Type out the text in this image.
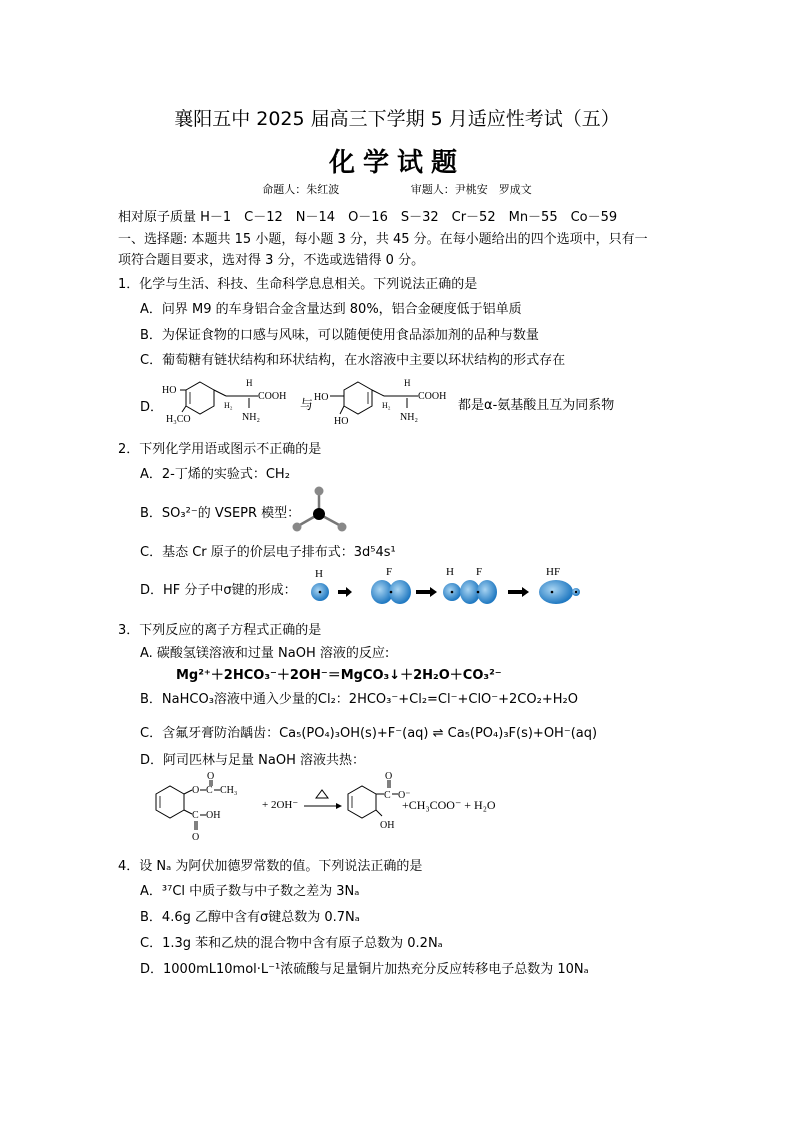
襄阳五中 2025 届高三下学期 5 月适应性考试（五）
化学试题
命题人：朱红波	审题人：尹桃安　罗成文
相对原子质量 H－1　C－12　N－14　O－16　S－32　Cr－52　Mn－55　Co－59
一、选择题: 本题共 15 小题，每小题 3 分，共 45 分。在每小题给出的四个选项中，只有一
项符合题目要求，选对得 3 分，不选或选错得 0 分。
1．化学与生活、科技、生命科学息息相关。下列说法正确的是
A．问界 M9 的车身铝合金含量达到 80%，铝合金硬度低于铝单质
B．为保证食物的口感与风味，可以随便使用食品添加剂的品种与数量
C．葡萄糖有链状结构和环状结构，在水溶液中主要以环状结构的形式存在
D．
HO
H₃CO
H₂
H
COOH
NH₂
与
HO
HO
H₂
H
COOH
NH₂
都是α-氨基酸且互为同系物
2．下列化学用语或图示不正确的是
A．2-丁烯的实验式：CH₂
B．SO₃²⁻的 VSEPR 模型：
C．基态 Cr 原子的价层电子排布式：3d⁵4s¹
D．HF 分子中σ键的形成：
H	F	H F	HF
3．下列反应的离子方程式正确的是
A. 碳酸氢镁溶液和过量 NaOH 溶液的反应:
Mg²⁺＋2HCO₃⁻＋2OH⁻＝MgCO₃↓＋2H₂O＋CO₃²⁻
B．NaHCO₃溶液中通入少量的Cl₂：2HCO₃⁻+Cl₂=Cl⁻+ClO⁻+2CO₂+H₂O
C．含氟牙膏防治龋齿：Ca₅(PO₄)₃OH(s)+F⁻(aq) ⇌ Ca₅(PO₄)₃F(s)+OH⁻(aq)
D．阿司匹林与足量 NaOH 溶液共热：
O C
O
CH₃
C OH
O
+ 2OH⁻
C
O
O⁻
OH
+CH₃COO⁻ + H₂O
4．设 Nₐ 为阿伏加德罗常数的值。下列说法正确的是
A．³⁷Cl 中质子数与中子数之差为 3Nₐ
B．4.6g 乙醇中含有σ键总数为 0.7Nₐ
C．1.3g 苯和乙炔的混合物中含有原子总数为 0.2Nₐ
D．1000mL10mol·L⁻¹浓硫酸与足量铜片加热充分反应转移电子总数为 10Nₐ
